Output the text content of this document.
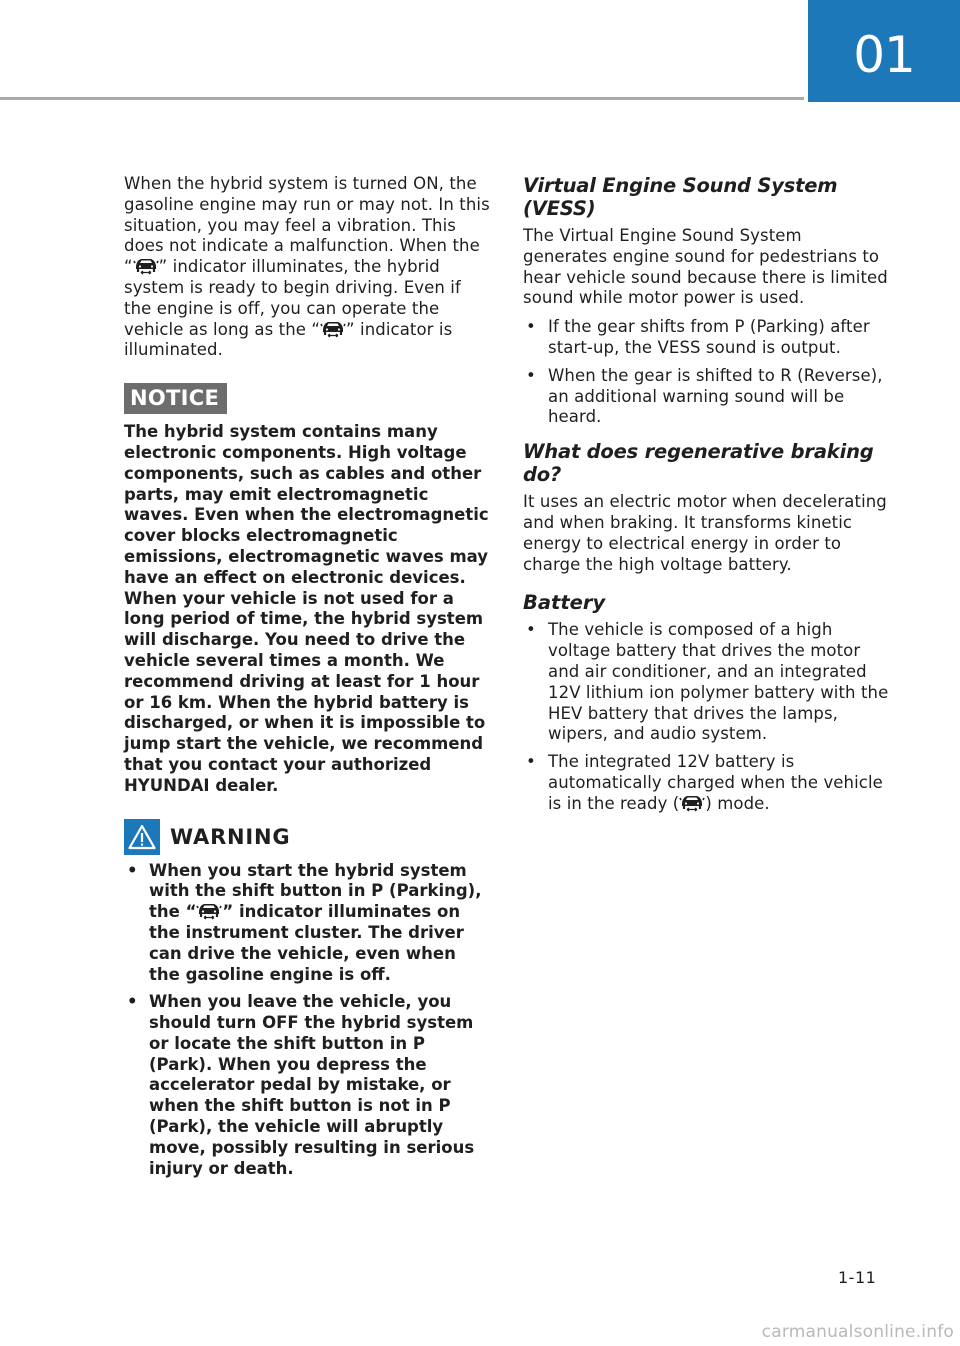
01

When the hybrid system is turned ON, the gasoline engine may run or may not. In this situation, you may feel a vibration. This does not indicate a malfunction. When the “ ” indicator illuminates, the hybrid system is ready to begin driving. Even if the engine is off, you can operate the vehicle as long as the “ ” indicator is illuminated.

NOTICE

The hybrid system contains many electronic components. High voltage components, such as cables and other parts, may emit electromagnetic waves. Even when the electromagnetic cover blocks electromagnetic emissions, electromagnetic waves may have an effect on electronic devices. When your vehicle is not used for a long period of time, the hybrid system will discharge. You need to drive the vehicle several times a month. We recommend driving at least for 1 hour or 16 km. When the hybrid battery is discharged, or when it is impossible to jump start the vehicle, we recommend that you contact your authorized HYUNDAI dealer.

WARNING
• When you start the hybrid system with the shift button in P (Parking), the “ ” indicator illuminates on the instrument cluster. The driver can drive the vehicle, even when the gasoline engine is off.
• When you leave the vehicle, you should turn OFF the hybrid system or locate the shift button in P (Park). When you depress the accelerator pedal by mistake, or when the shift button is not in P (Park), the vehicle will abruptly move, possibly resulting in serious injury or death.
Virtual Engine Sound System (VESS)

The Virtual Engine Sound System generates engine sound for pedestrians to hear vehicle sound because there is limited sound while motor power is used.

• If the gear shifts from P (Parking) after start-up, the VESS sound is output.
• When the gear is shifted to R (Reverse), an additional warning sound will be heard.
What does regenerative braking do?

It uses an electric motor when decelerating and when braking. It transforms kinetic energy to electrical energy in order to charge the high voltage battery.

Battery
• The vehicle is composed of a high voltage battery that drives the motor and air conditioner, and an integrated 12V lithium ion polymer battery with the HEV battery that drives the lamps, wipers, and audio system.
• The integrated 12V battery is automatically charged when the vehicle is in the ready ( ) mode.
1-11
carmanualsonline.info
